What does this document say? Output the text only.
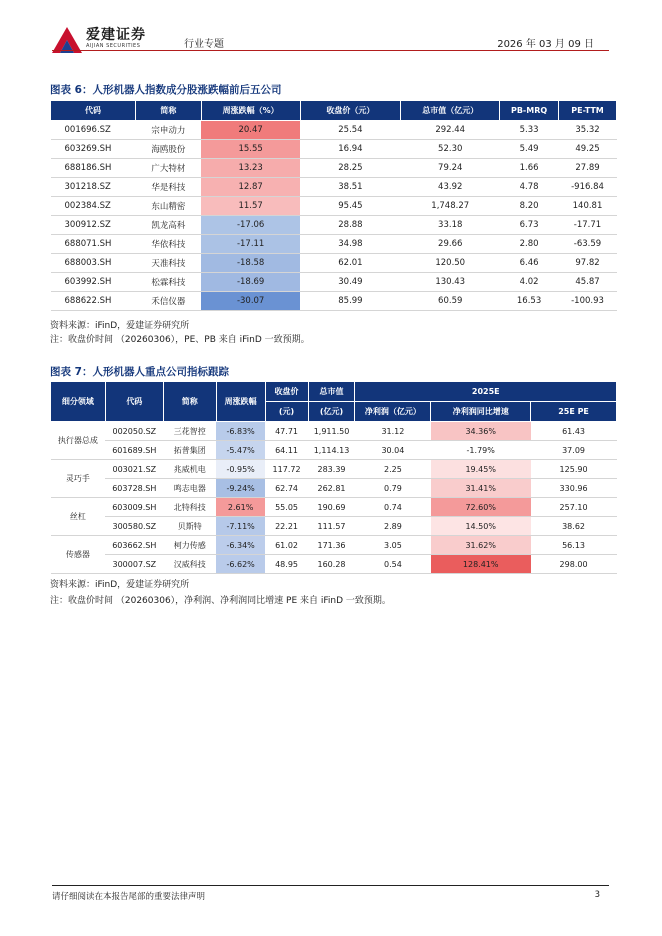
爱建证券
AIJIAN SECURITIES	行业专题	2026 年 03 月 09 日
图表 6：人形机器人指数成分股涨跌幅前后五公司
代码	简称	周涨跌幅（%）	收盘价（元）	总市值（亿元）	PB-MRQ	PE-TTM
001696.SZ	宗申动力	20.47	25.54	292.44	5.33	35.32
603269.SH	海鸥股份	15.55	16.94	52.30	5.49	49.25
688186.SH	广大特材	13.23	28.25	79.24	1.66	27.89
301218.SZ	华是科技	12.87	38.51	43.92	4.78	-916.84
002384.SZ	东山精密	11.57	95.45	1,748.27	8.20	140.81
300912.SZ	凯龙高科	-17.06	28.88	33.18	6.73	-17.71
688071.SH	华依科技	-17.11	34.98	29.66	2.80	-63.59
688003.SH	天准科技	-18.58	62.01	120.50	6.46	97.82
603992.SH	松霖科技	-18.69	30.49	130.43	4.02	45.87
688622.SH	禾信仪器	-30.07	85.99	60.59	16.53	-100.93
资料来源：iFinD，爱建证券研究所
注：收盘价时间 （20260306），PE、PB 来自 iFinD 一致预期。
图表 7：人形机器人重点公司指标跟踪
细分领域	代码	简称	周涨跌幅	收盘价	总市值	2025E		
				(元)	(亿元)	净利润（亿元）	净利润同比增速	25E PE
执行器总成	002050.SZ	三花智控	-6.83%	47.71	1,911.50	31.12	34.36%	61.43
	601689.SH	拓普集团	-5.47%	64.11	1,114.13	30.04	-1.79%	37.09
灵巧手	003021.SZ	兆威机电	-0.95%	117.72	283.39	2.25	19.45%	125.90
	603728.SH	鸣志电器	-9.24%	62.74	262.81	0.79	31.41%	330.96
丝杠	603009.SH	北特科技	2.61%	55.05	190.69	0.74	72.60%	257.10
	300580.SZ	贝斯特	-7.11%	22.21	111.57	2.89	14.50%	38.62
传感器	603662.SH	柯力传感	-6.34%	61.02	171.36	3.05	31.62%	56.13
	300007.SZ	汉威科技	-6.62%	48.95	160.28	0.54	128.41%	298.00
资料来源：iFinD，爱建证券研究所
注：收盘价时间 （20260306），净利润、净利润同比增速 PE 来自 iFinD 一致预期。
请仔细阅读在本报告尾部的重要法律声明	3
